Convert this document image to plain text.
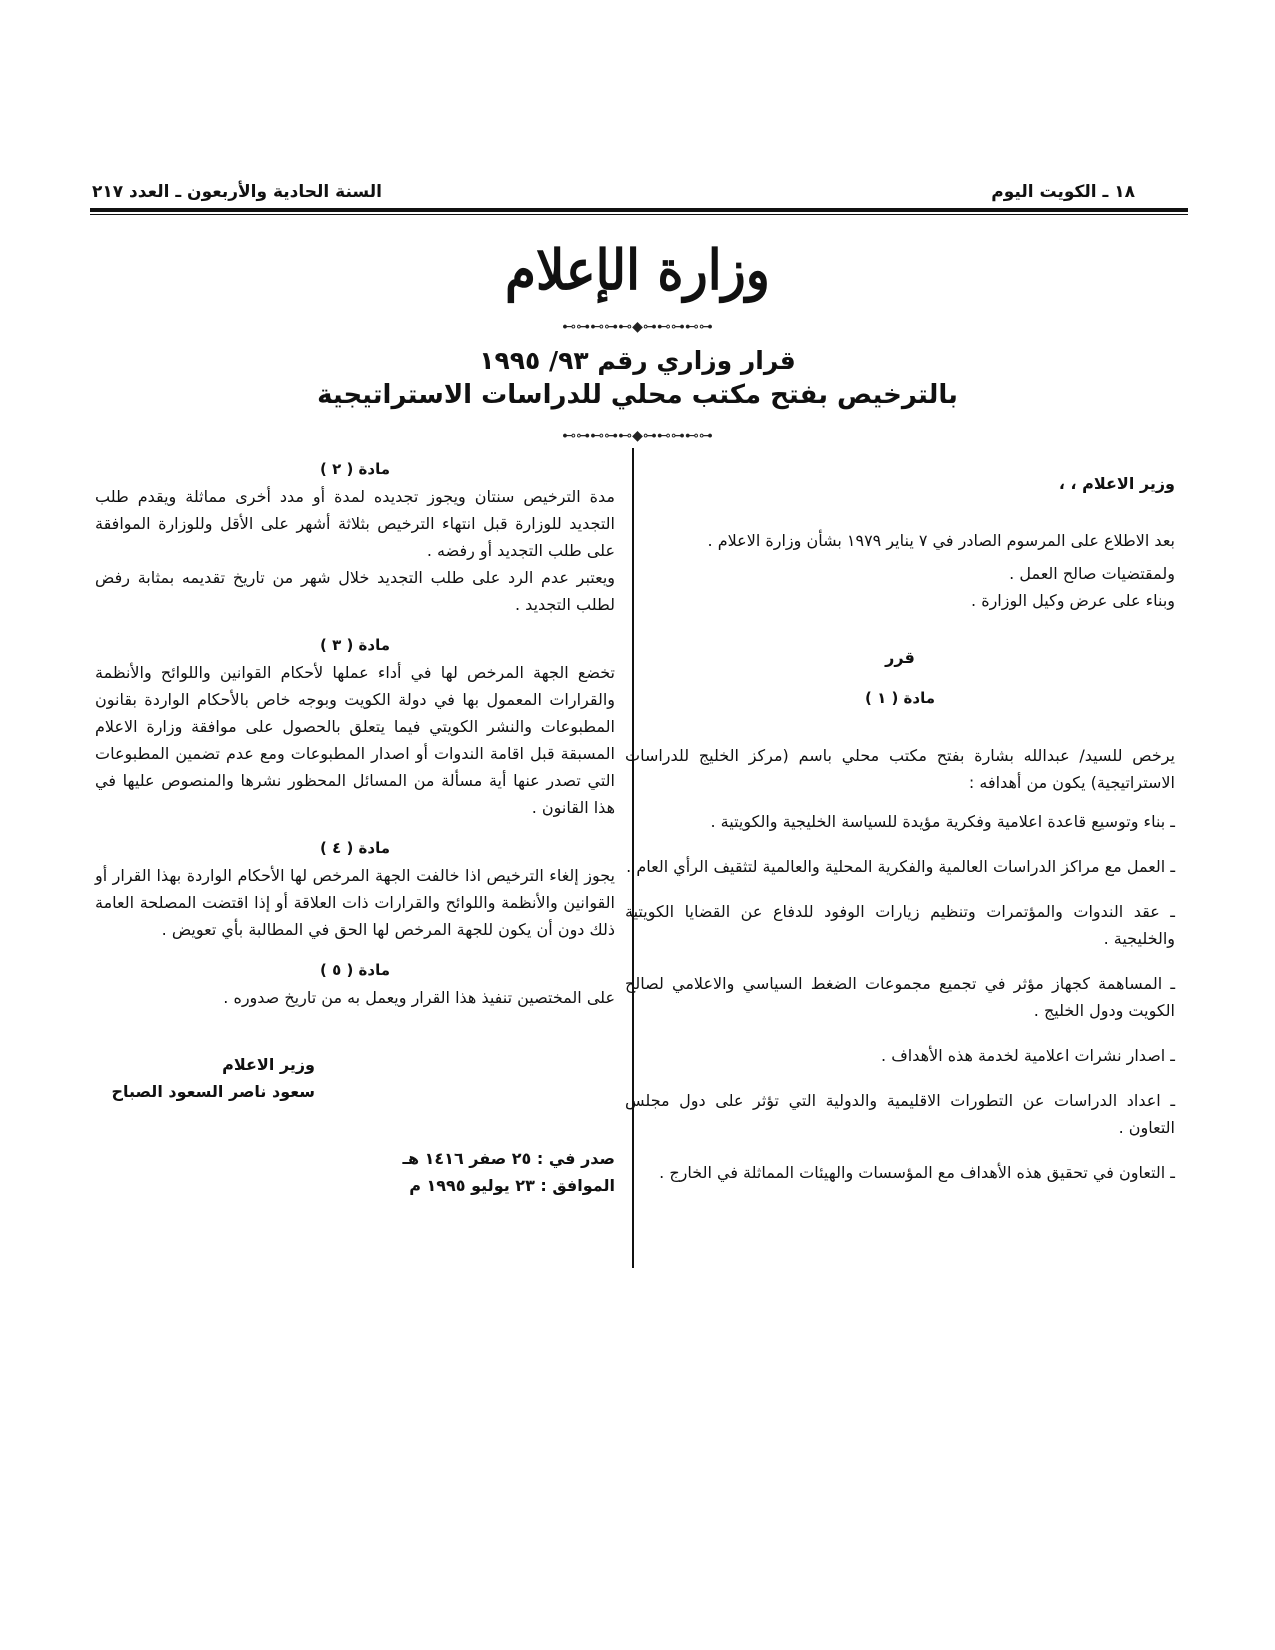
١٨ ـ الكويت اليوم
السنة الحادية والأربعون ـ العدد ٢١٧
وزارة الإعلام
⊷⊶⊷⊶⊷◆⊶⊷⊶⊷⊶
قرار وزاري رقم ٩٣/ ١٩٩٥
بالترخيص بفتح مكتب محلي للدراسات الاستراتيجية
⊷⊶⊷⊶⊷◆⊶⊷⊶⊷⊶

وزير الاعلام ، ،

بعد الاطلاع على المرسوم الصادر في ٧ يناير ١٩٧٩ بشأن وزارة الاعلام .

ولمقتضيات صالح العمل .

وبناء على عرض وكيل الوزارة .

قرر

مادة ( ١ )

يرخص للسيد/ عبدالله بشارة بفتح مكتب محلي باسم (مركز الخليج للدراسات الاستراتيجية) يكون من أهدافه :

ـ بناء وتوسيع قاعدة اعلامية وفكرية مؤيدة للسياسة الخليجية والكويتية .

ـ العمل مع مراكز الدراسات العالمية والفكرية المحلية والعالمية لتثقيف الرأي العام .

ـ عقد الندوات والمؤتمرات وتنظيم زيارات الوفود للدفاع عن القضايا الكويتية والخليجية .

ـ المساهمة كجهاز مؤثر في تجميع مجموعات الضغط السياسي والاعلامي لصالح الكويت ودول الخليج .

ـ اصدار نشرات اعلامية لخدمة هذه الأهداف .

ـ اعداد الدراسات عن التطورات الاقليمية والدولية التي تؤثر على دول مجلس التعاون .

ـ التعاون في تحقيق هذه الأهداف مع المؤسسات والهيئات المماثلة في الخارج .

مادة ( ٢ )

مدة الترخيص سنتان ويجوز تجديده لمدة أو مدد أخرى مماثلة ويقدم طلب التجديد للوزارة قبل انتهاء الترخيص بثلاثة أشهر على الأقل وللوزارة الموافقة على طلب التجديد أو رفضه .

ويعتبر عدم الرد على طلب التجديد خلال شهر من تاريخ تقديمه بمثابة رفض لطلب التجديد .

مادة ( ٣ )

تخضع الجهة المرخص لها في أداء عملها لأحكام القوانين واللوائح والأنظمة والقرارات المعمول بها في دولة الكويت وبوجه خاص بالأحكام الواردة بقانون المطبوعات والنشر الكويتي فيما يتعلق بالحصول على موافقة وزارة الاعلام المسبقة قبل اقامة الندوات أو اصدار المطبوعات ومع عدم تضمين المطبوعات التي تصدر عنها أية مسألة من المسائل المحظور نشرها والمنصوص عليها في هذا القانون .

مادة ( ٤ )

يجوز إلغاء الترخيص اذا خالفت الجهة المرخص لها الأحكام الواردة بهذا القرار أو القوانين والأنظمة واللوائح والقرارات ذات العلاقة أو إذا اقتضت المصلحة العامة ذلك دون أن يكون للجهة المرخص لها الحق في المطالبة بأي تعويض .

مادة ( ٥ )

على المختصين تنفيذ هذا القرار ويعمل به من تاريخ صدوره .

وزير الاعلام

سعود ناصر السعود الصباح

صدر في : ٢٥ صفر ١٤١٦ هـ

الموافق : ٢٣ يوليو ١٩٩٥ م
